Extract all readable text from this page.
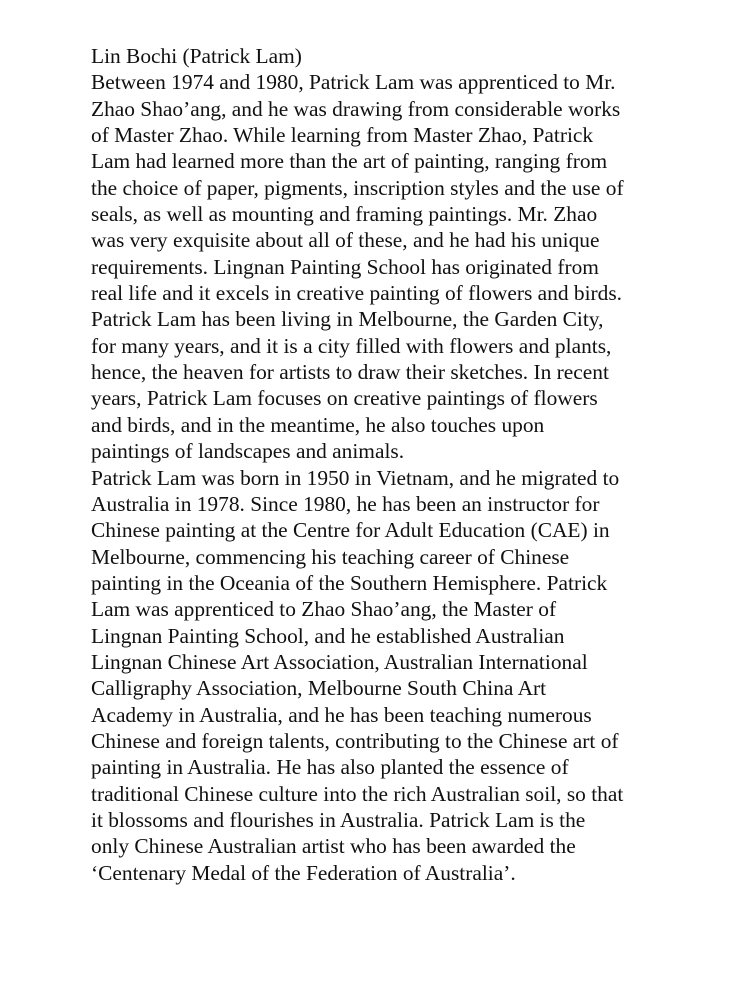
Lin Bochi (Patrick Lam)

Between 1974 and 1980, Patrick Lam was apprenticed to Mr.
Zhao Shao’ang, and he was drawing from considerable works
of Master Zhao. While learning from Master Zhao, Patrick
Lam had learned more than the art of painting, ranging from
the choice of paper, pigments, inscription styles and the use of
seals, as well as mounting and framing paintings. Mr. Zhao
was very exquisite about all of these, and he had his unique
requirements. Lingnan Painting School has originated from
real life and it excels in creative painting of flowers and birds.
Patrick Lam has been living in Melbourne, the Garden City,
for many years, and it is a city filled with flowers and plants,
hence, the heaven for artists to draw their sketches. In recent
years, Patrick Lam focuses on creative paintings of flowers
and birds, and in the meantime, he also touches upon
paintings of landscapes and animals.

Patrick Lam was born in 1950 in Vietnam, and he migrated to
Australia in 1978. Since 1980, he has been an instructor for
Chinese painting at the Centre for Adult Education (CAE) in
Melbourne, commencing his teaching career of Chinese
painting in the Oceania of the Southern Hemisphere. Patrick
Lam was apprenticed to Zhao Shao’ang, the Master of
Lingnan Painting School, and he established Australian
Lingnan Chinese Art Association, Australian International
Calligraphy Association, Melbourne South China Art
Academy in Australia, and he has been teaching numerous
Chinese and foreign talents, contributing to the Chinese art of
painting in Australia. He has also planted the essence of
traditional Chinese culture into the rich Australian soil, so that
it blossoms and flourishes in Australia. Patrick Lam is the
only Chinese Australian artist who has been awarded the
‘Centenary Medal of the Federation of Australia’.
